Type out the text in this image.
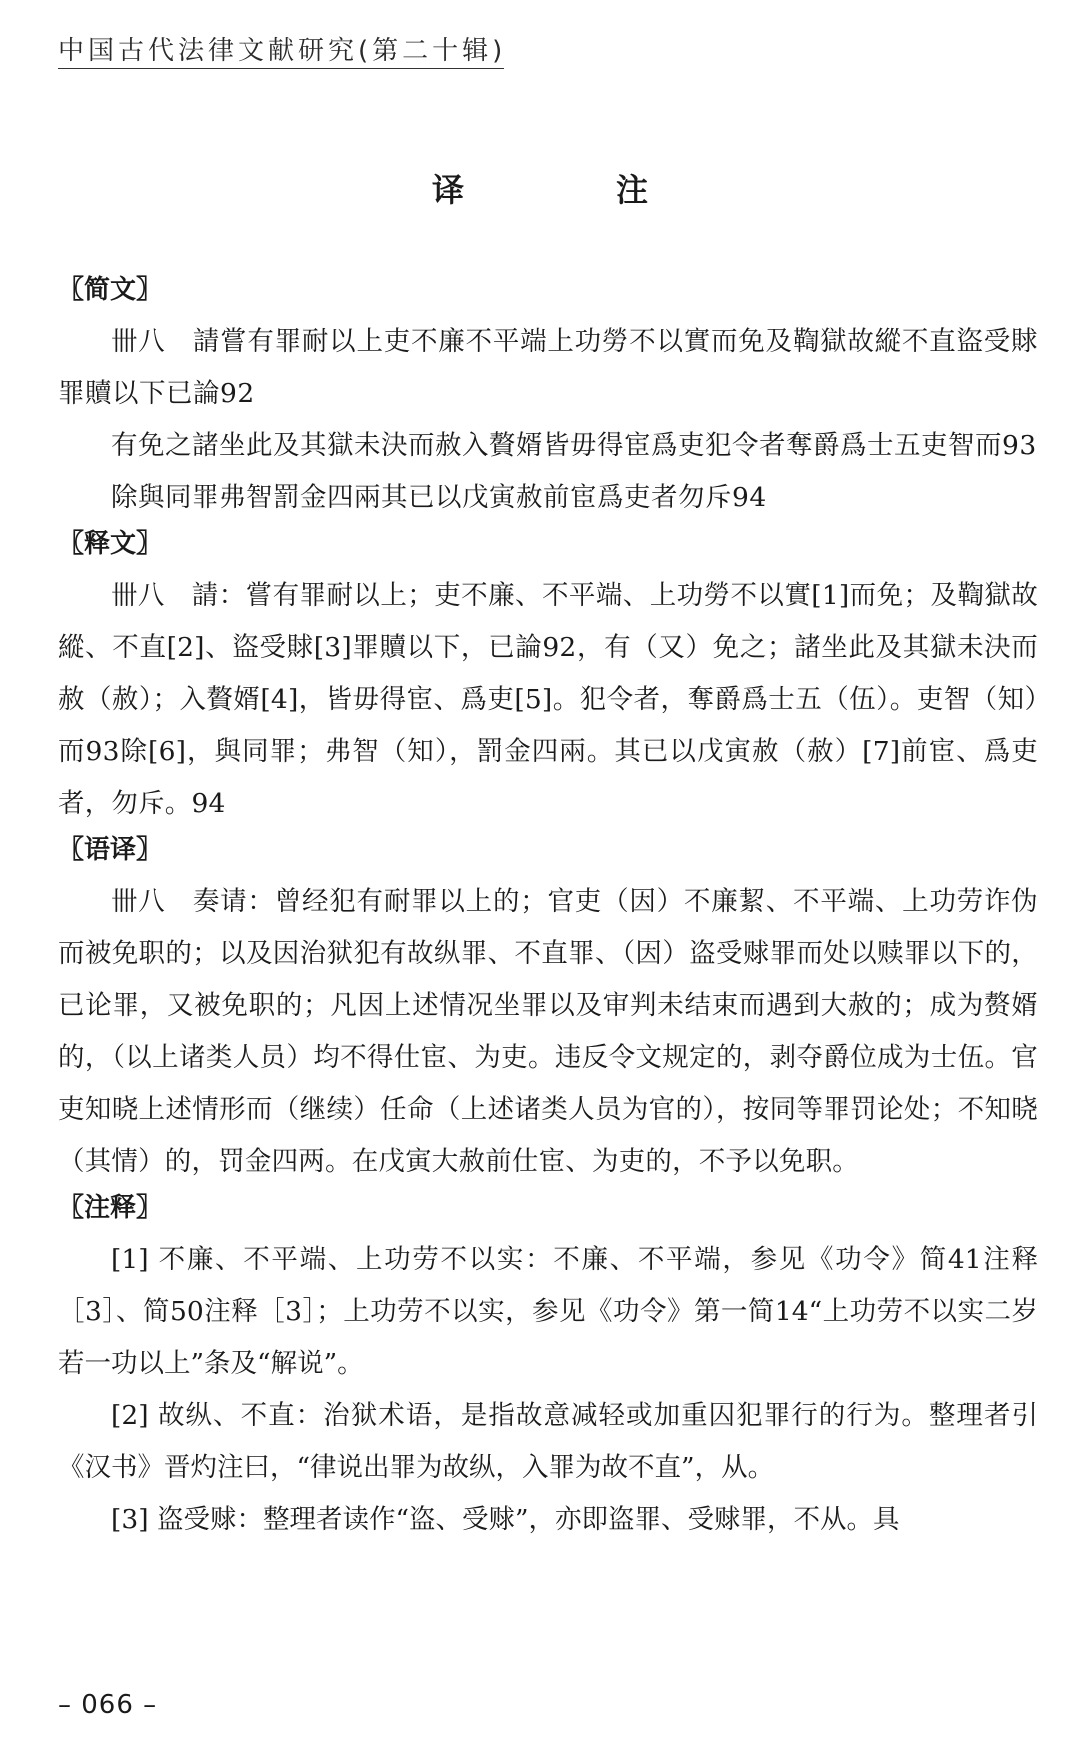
中国古代法律文献研究(第二十辑)
译　注
〖简文〗

卌八　請嘗有罪耐以上吏不廉不平端上功勞不以實而免及鞫獄故縱不直盜受賕罪贖以下已論92

有免之諸坐此及其獄未決而赦入贅婿皆毋得宦爲吏犯令者奪爵爲士五吏智而93

除與同罪弗智罰金四兩其已以戊寅赦前宦爲吏者勿斥94

〖释文〗

卌八　請：嘗有罪耐以上；吏不廉、不平端、上功勞不以實[1]而免；及鞫獄故縱、不直[2]、盜受賕[3]罪贖以下，已論92，有（又）免之；諸坐此及其獄未決而赦（赦）；入贅婿[4]，皆毋得宦、爲吏[5]。犯令者，奪爵爲士五（伍）。吏智（知）而93除[6]，與同罪；弗智（知），罰金四兩。其已以戊寅赦（赦）[7]前宦、爲吏者，勿斥。94

〖语译〗

卌八　奏请：曾经犯有耐罪以上的；官吏（因）不廉絜、不平端、上功劳诈伪而被免职的；以及因治狱犯有故纵罪、不直罪、（因）盗受赇罪而处以赎罪以下的，已论罪，又被免职的；凡因上述情况坐罪以及审判未结束而遇到大赦的；成为赘婿的，（以上诸类人员）均不得仕宦、为吏。违反令文规定的，剥夺爵位成为士伍。官吏知晓上述情形而（继续）任命（上述诸类人员为官的），按同等罪罚论处；不知晓（其情）的，罚金四两。在戊寅大赦前仕宦、为吏的，不予以免职。

〖注释〗

[1] 不廉、不平端、上功劳不以实：不廉、不平端，参见《功令》简41注释［3］、简50注释［3］；上功劳不以实，参见《功令》第一简14“上功劳不以实二岁若一功以上”条及“解说”。

[2] 故纵、不直：治狱术语，是指故意减轻或加重囚犯罪行的行为。整理者引《汉书》晋灼注曰，“律说出罪为故纵，入罪为故不直”，从。

[3] 盗受赇：整理者读作“盗、受赇”，亦即盗罪、受赇罪，不从。具

– 066 –
